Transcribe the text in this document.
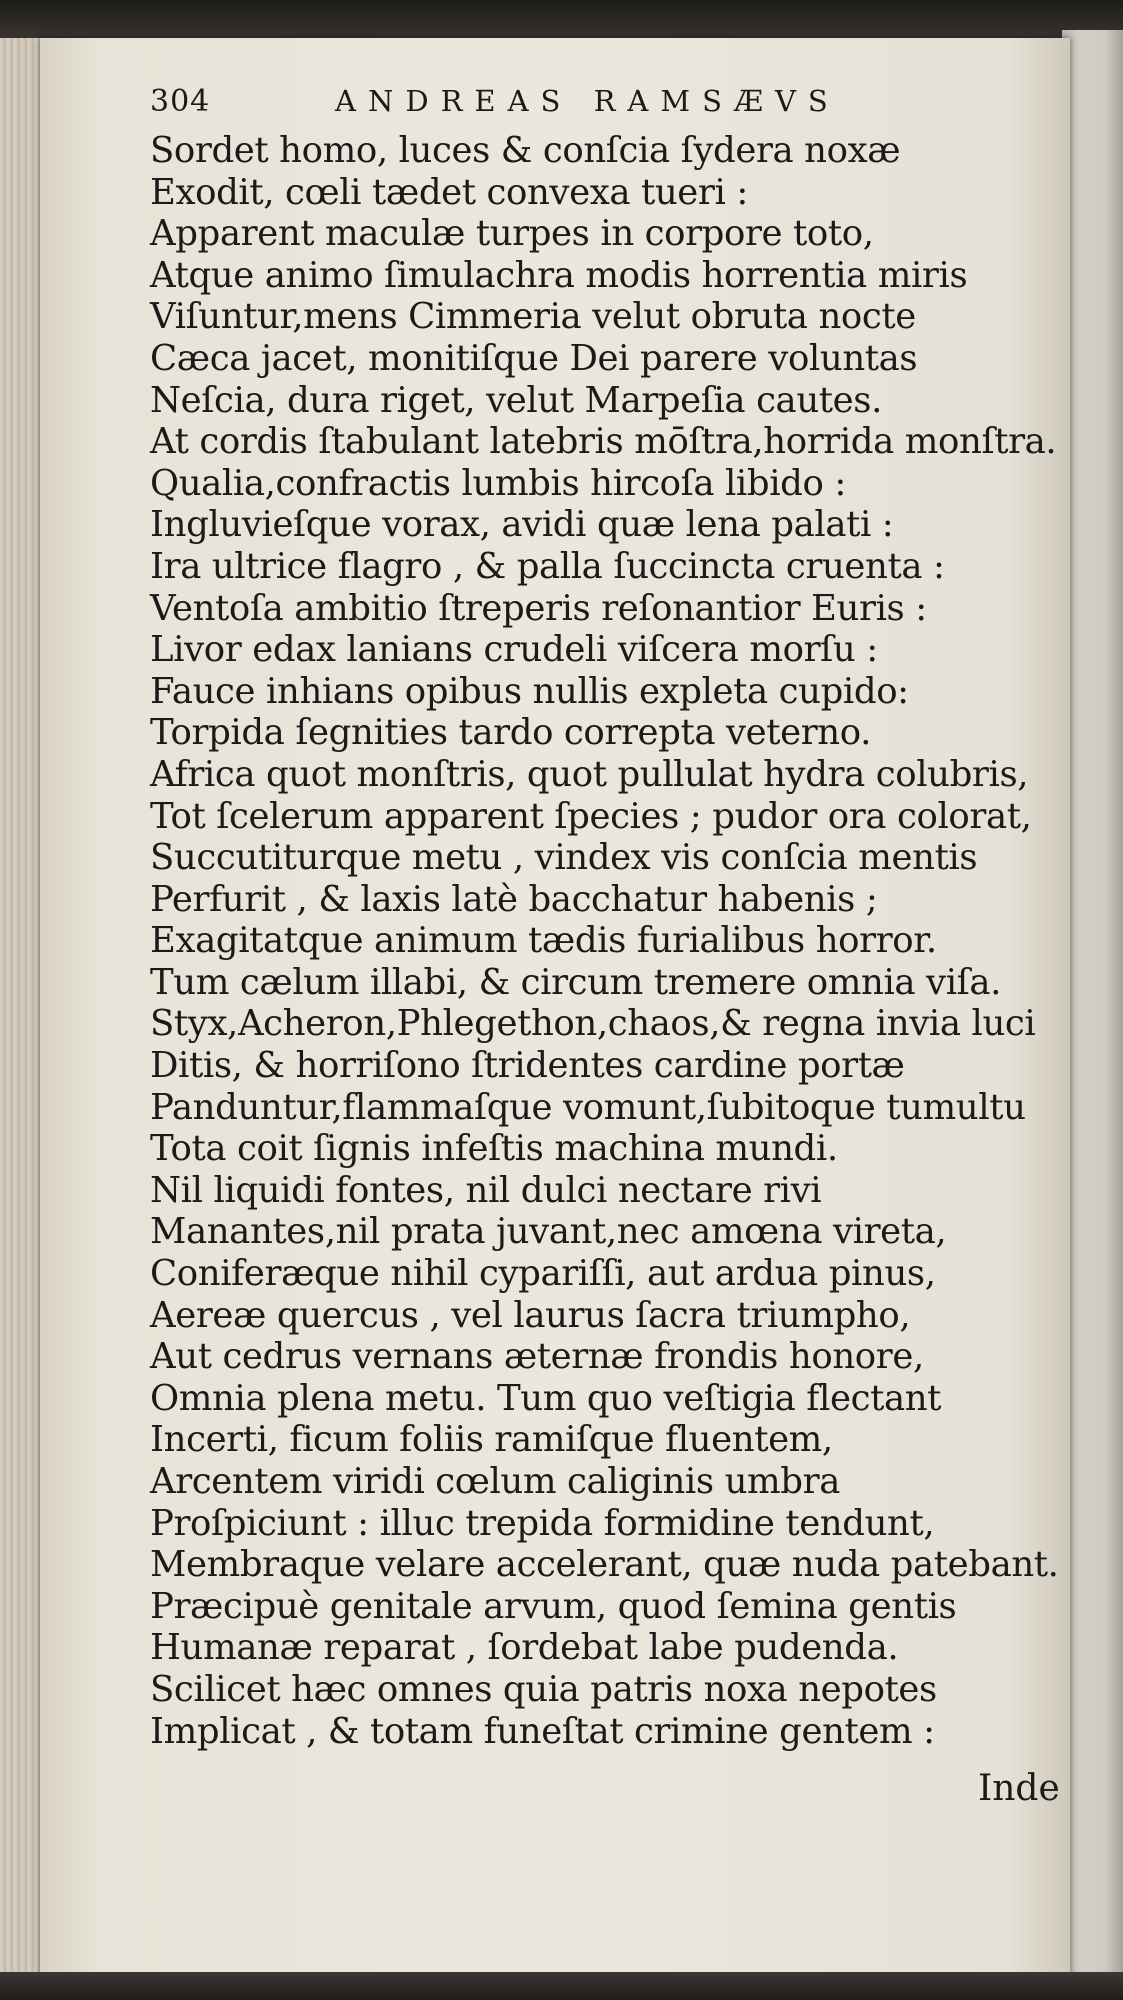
304	ANDREAS RAMSÆVS
Sordet homo, luces & conſcia ſydera noxæ
Exodit, cœli tædet convexa tueri :
Apparent maculæ turpes in corpore toto,
Atque animo ſimulachra modis horrentia miris
Viſuntur,mens Cimmeria velut obruta nocte
Cæca jacet, monitiſque Dei parere voluntas
Neſcia, dura riget, velut Marpeſia cautes.
At cordis ſtabulant latebris mōſtra,horrida monſtra.
Qualia,confractis lumbis hircoſa libido :
Ingluvieſque vorax, avidi quæ lena palati :
Ira ultrice flagro , & palla ſuccincta cruenta :
Ventoſa ambitio ſtreperis reſonantior Euris :
Livor edax lanians crudeli viſcera morſu :
Fauce inhians opibus nullis expleta cupido:
Torpida ſegnities tardo correpta veterno.
Africa quot monſtris, quot pullulat hydra colubris,
Tot ſcelerum apparent ſpecies ; pudor ora colorat,
Succutiturque metu , vindex vis conſcia mentis
Perfurit , & laxis latè bacchatur habenis ;
Exagitatque animum tædis furialibus horror.
Tum cælum illabi, & circum tremere omnia viſa.
Styx,Acheron,Phlegethon,chaos,& regna invia luci
Ditis, & horriſono ſtridentes cardine portæ
Panduntur,flammaſque vomunt,ſubitoque tumultu
Tota coit ſignis infeſtis machina mundi.
Nil liquidi fontes, nil dulci nectare rivi
Manantes,nil prata juvant,nec amœna vireta,
Coniferæque nihil cypariſſi, aut ardua pinus,
Aereæ quercus , vel laurus ſacra triumpho,
Aut cedrus vernans æternæ frondis honore,
Omnia plena metu. Tum quo veſtigia flectant
Incerti, ficum foliis ramiſque fluentem,
Arcentem viridi cœlum caliginis umbra
Proſpiciunt : illuc trepida formidine tendunt,
Membraque velare accelerant, quæ nuda patebant.
Præcipuè genitale arvum, quod ſemina gentis
Humanæ reparat , ſordebat labe pudenda.
Scilicet hæc omnes quia patris noxa nepotes
Implicat , & totam funeſtat crimine gentem :
Inde
